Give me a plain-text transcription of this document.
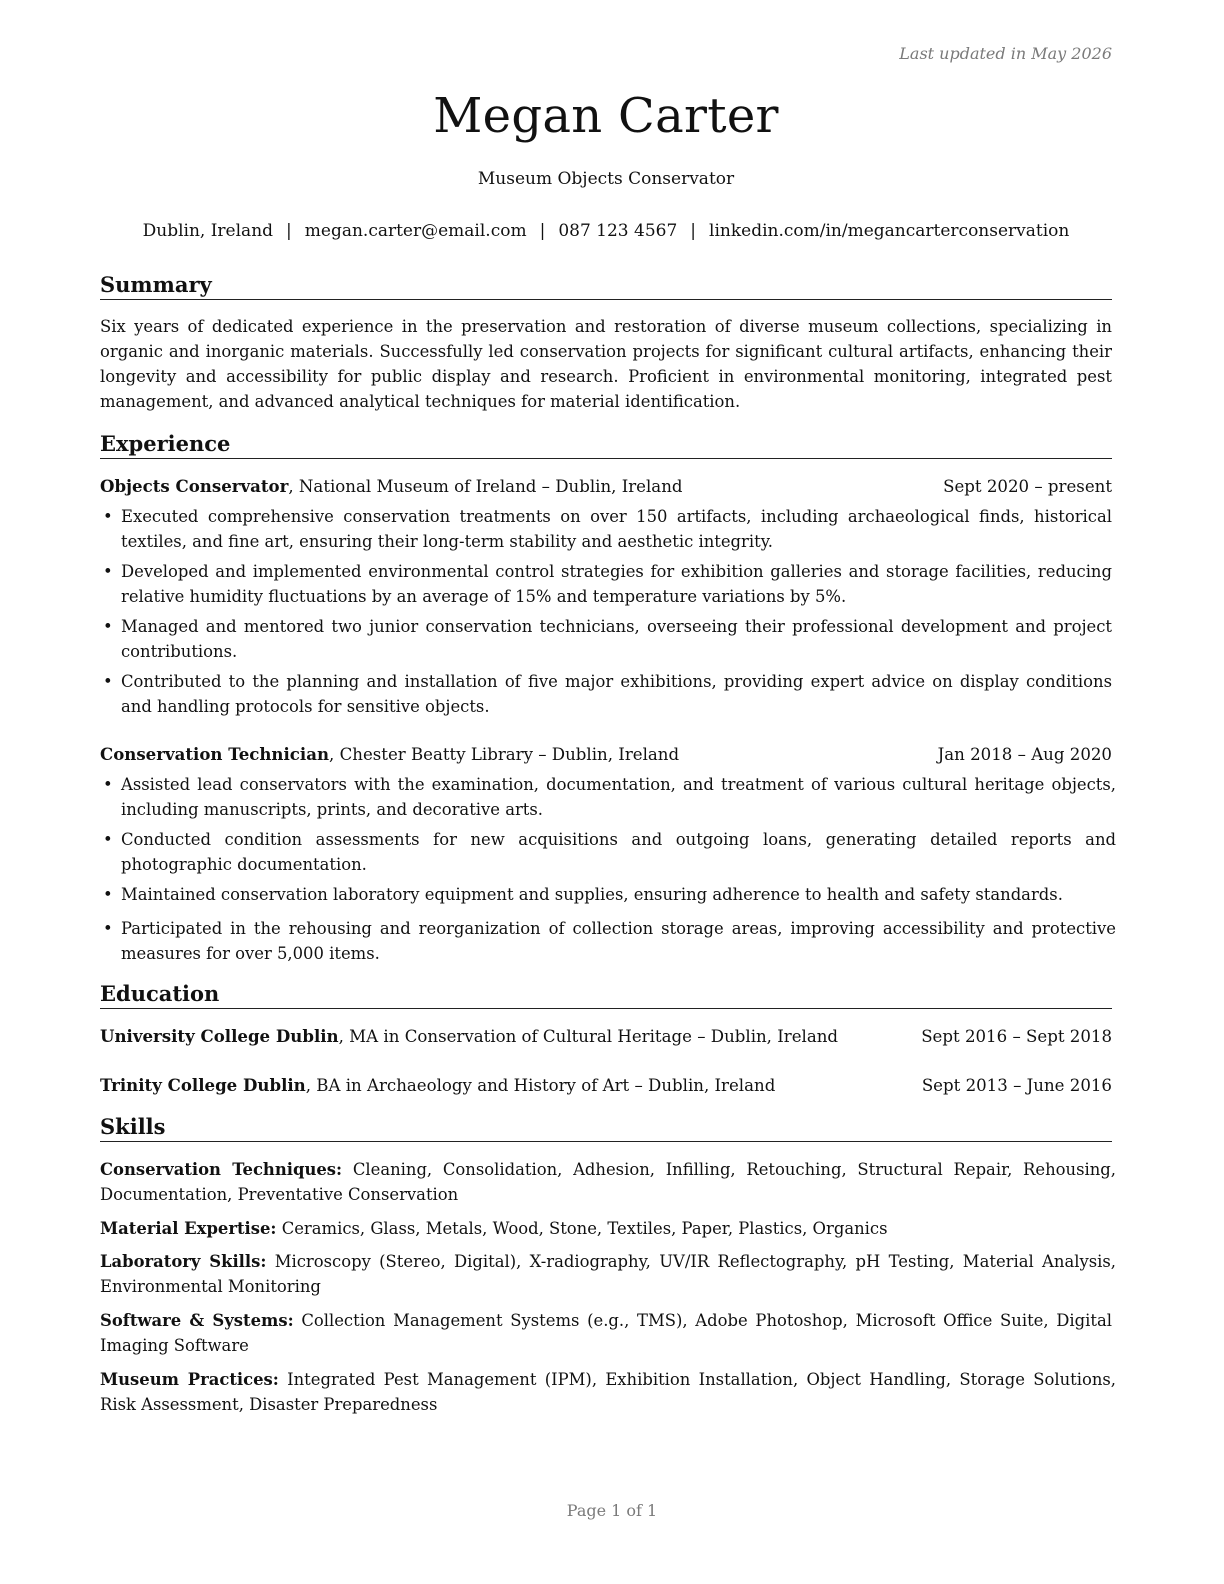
Last updated in May 2026
Megan Carter
Museum Objects Conservator
Dublin, Ireland | megan.carter@email.com | 087 123 4567 | linkedin.com/in/megancarterconservation
Summary
Six years of dedicated experience in the preservation and restoration of diverse museum collections, specializing in organic and inorganic materials. Successfully led conservation projects for significant cultural artifacts, enhancing their longevity and accessibility for public display and research. Proficient in environmental monitoring, integrated pest management, and advanced analytical techniques for material identification.
Experience
Objects Conservator, National Museum of Ireland – Dublin, Ireland	Sept 2020 – present
• Executed comprehensive conservation treatments on over 150 artifacts, including archaeological finds, historical textiles, and fine art, ensuring their long-term stability and aesthetic integrity.
• Developed and implemented environmental control strategies for exhibition galleries and storage facilities, reducing relative humidity fluctuations by an average of 15% and temperature variations by 5%.
• Managed and mentored two junior conservation technicians, overseeing their professional development and project contributions.
• Contributed to the planning and installation of five major exhibitions, providing expert advice on display conditions and handling protocols for sensitive objects.
Conservation Technician, Chester Beatty Library – Dublin, Ireland	Jan 2018 – Aug 2020
• Assisted lead conservators with the examination, documentation, and treatment of various cultural heritage objects, including manuscripts, prints, and decorative arts.
• Conducted condition assessments for new acquisitions and outgoing loans, generating detailed reports and photographic documentation.
• Maintained conservation laboratory equipment and supplies, ensuring adherence to health and safety standards.
• Participated in the rehousing and reorganization of collection storage areas, improving accessibility and protective measures for over 5,000 items.
Education
University College Dublin, MA in Conservation of Cultural Heritage – Dublin, Ireland	Sept 2016 – Sept 2018
Trinity College Dublin, BA in Archaeology and History of Art – Dublin, Ireland	Sept 2013 – June 2016
Skills
Conservation Techniques: Cleaning, Consolidation, Adhesion, Infilling, Retouching, Structural Repair, Rehousing, Documentation, Preventative Conservation
Material Expertise: Ceramics, Glass, Metals, Wood, Stone, Textiles, Paper, Plastics, Organics
Laboratory Skills: Microscopy (Stereo, Digital), X-radiography, UV/IR Reflectography, pH Testing, Material Analysis, Environmental Monitoring
Software & Systems: Collection Management Systems (e.g., TMS), Adobe Photoshop, Microsoft Office Suite, Digital Imaging Software
Museum Practices: Integrated Pest Management (IPM), Exhibition Installation, Object Handling, Storage Solutions, Risk Assessment, Disaster Preparedness
Page 1 of 1
